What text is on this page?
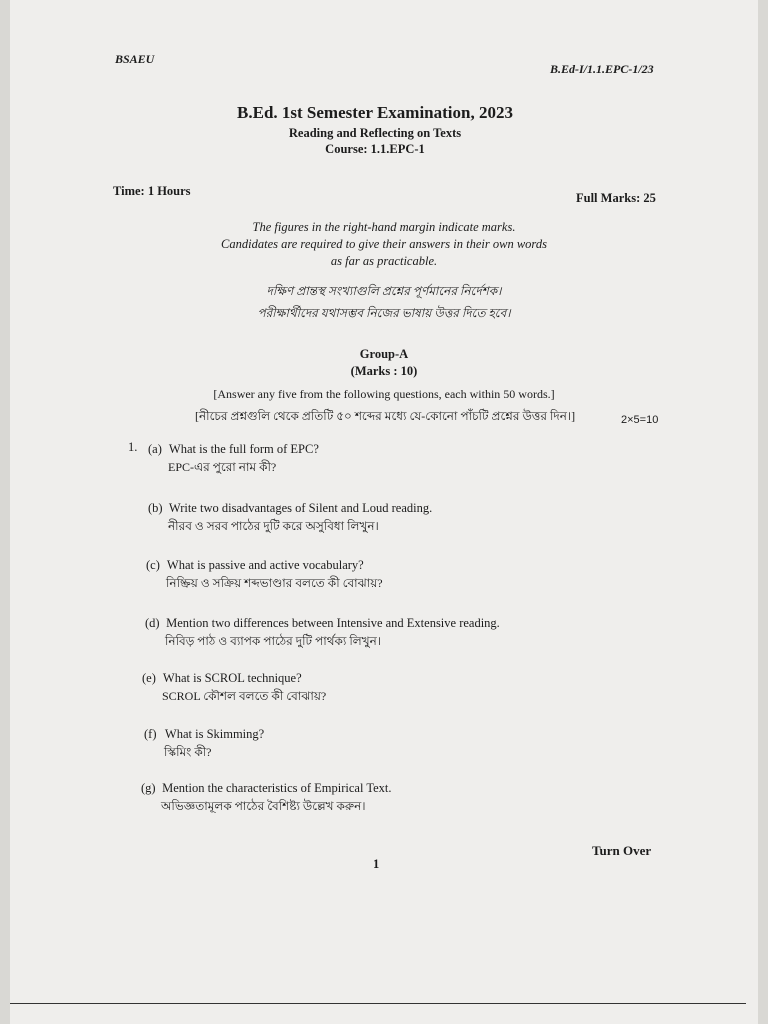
BSAEU
B.Ed-I/1.1.EPC-1/23
B.Ed. 1st Semester Examination, 2023
Reading and Reflecting on Texts
Course: 1.1.EPC-1
Time: 1 Hours	Full Marks: 25
The figures in the right-hand margin indicate marks.
Candidates are required to give their answers in their own words
as far as practicable.
দক্ষিণ প্রান্তস্থ সংখ্যাগুলি প্রশ্নের পূর্ণমানের নির্দেশক।
পরীক্ষার্থীদের যথাসম্ভব নিজের ভাষায় উত্তর দিতে হবে।
Group-A
(Marks : 10)
[Answer any five from the following questions, each within 50 words.]
[নীচের প্রশ্নগুলি থেকে প্রতিটি ৫০ শব্দের মধ্যে যে-কোনো পাঁচটি প্রশ্নের উত্তর দিন।]	2×5=10
1. (a) What is the full form of EPC?
EPC-এর পুরো নাম কী?
(b) Write two disadvantages of Silent and Loud reading.
নীরব ও সরব পাঠের দুটি করে অসুবিধা লিখুন।
(c) What is passive and active vocabulary?
নিষ্ক্রিয় ও সক্রিয় শব্দভাণ্ডার বলতে কী বোঝায়?
(d) Mention two differences between Intensive and Extensive reading.
নিবিড় পাঠ ও ব্যাপক পাঠের দুটি পার্থক্য লিখুন।
(e) What is SCROL technique?
SCROL কৌশল বলতে কী বোঝায়?
(f) What is Skimming?
স্কিমিং কী?
(g) Mention the characteristics of Empirical Text.
অভিজ্ঞতামূলক পাঠের বৈশিষ্ট্য উল্লেখ করুন।
Turn Over
1
